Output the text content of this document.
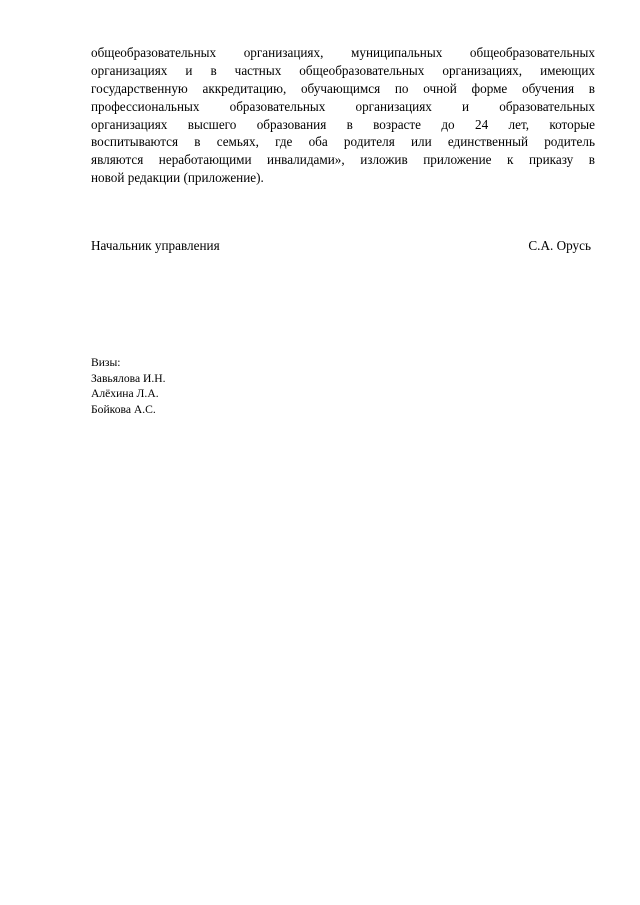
общеобразовательных организациях, муниципальных общеобразовательных
организациях и в частных общеобразовательных организациях, имеющих
государственную аккредитацию, обучающимся по очной форме обучения в
профессиональных образовательных организациях и образовательных
организациях высшего образования в возрасте до 24 лет, которые
воспитываются в семьях, где оба родителя или единственный родитель
являются неработающими инвалидами», изложив приложение к приказу в
новой редакции (приложение).
Начальник управления	С.А. Орусь
Визы:
Завьялова И.Н.
Алёхина Л.А.
Бойкова А.С.
